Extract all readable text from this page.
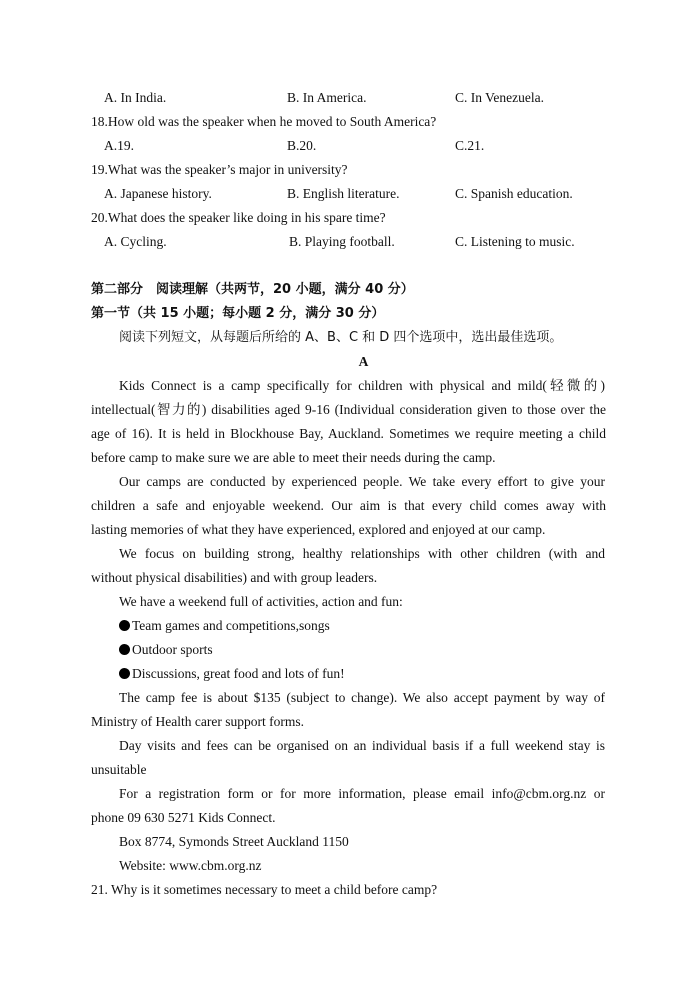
A. In India.	B. In America.	C. In Venezuela.
18.How old was the speaker when he moved to South America?
A.19.	B.20.	C.21.
19.What was the speaker’s major in university?
A. Japanese history.	B. English literature.	C. Spanish education.
20.What does the speaker like doing in his spare time?
A. Cycling.	B. Playing football.	C. Listening to music.
第二部分　阅读理解（共两节，20 小题，满分 40 分）
第一节（共 15 小题；每小题 2 分，满分 30 分）
阅读下列短文，从每题后所给的 A、B、C 和 D 四个选项中，选出最佳选项。
A
Kids Connect is a camp specifically for children with physical and mild(轻微的)
intellectual(智力的) disabilities aged 9-16 (Individual consideration given to those over the
age of 16). It is held in Blockhouse Bay, Auckland. Sometimes we require meeting a child
before camp to make sure we are able to meet their needs during the camp.
Our camps are conducted by experienced people. We take every effort to give your
children a safe and enjoyable weekend. Our aim is that every child comes away with
lasting memories of what they have experienced, explored and enjoyed at our camp.
We focus on building strong, healthy relationships with other children (with and
without physical disabilities) and with group leaders.
We have a weekend full of activities, action and fun:
Team games and competitions,songs
Outdoor sports
Discussions, great food and lots of fun!
The camp fee is about $135 (subject to change). We also accept payment by way of
Ministry of Health carer support forms.
Day visits and fees can be organised on an individual basis if a full weekend stay is
unsuitable
For a registration form or for more information, please email info@cbm.org.nz or
phone 09 630 5271 Kids Connect.
Box 8774, Symonds Street Auckland 1150
Website: www.cbm.org.nz
21. Why is it sometimes necessary to meet a child before camp?
